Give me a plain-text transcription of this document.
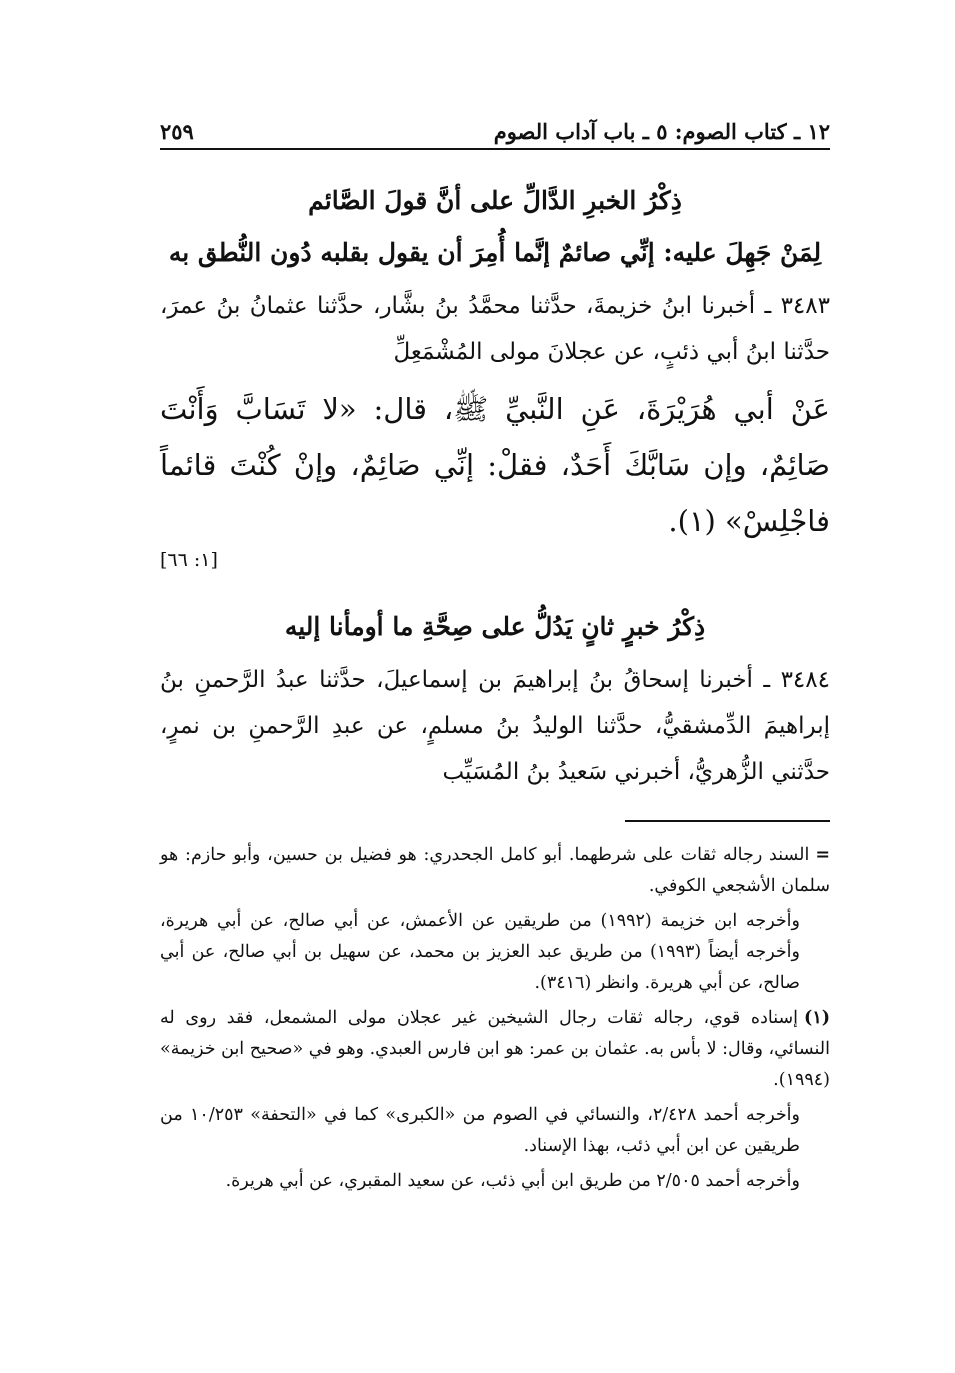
١٢ ـ كتاب الصوم: ٥ ـ باب آداب الصوم
٢٥٩
ذِكْرُ الخبرِ الدَّالِّ على أنَّ قولَ الصَّائم
لِمَنْ جَهِلَ عليه: إنِّي صائمٌ إنَّما أُمِرَ أن يقول بقلبه دُون النُّطق به

٣٤٨٣ ـ أخبرنا ابنُ خزيمةَ، حدَّثنا محمَّدُ بنُ بشَّار، حدَّثنا عثمانُ بنُ عمرَ، حدَّثنا ابنُ أبي ذئبٍ، عن عجلانَ مولى المُشْمَعِلِّ

عَنْ أبي هُرَيْرَةَ، عَنِ النَّبيِّ ﷺ، قال: «لا تَسَابَّ وَأَنْتَ صَائِمٌ، وإن سَابَّكَ أَحَدٌ، فقلْ: إنِّي صَائِمٌ، وإنْ كُنْتَ قائماً فاجْلِسْ» (١).

[١: ٦٦]
ذِكْرُ خبرٍ ثانٍ يَدُلُّ على صِحَّةِ ما أومأنا إليه

٣٤٨٤ ـ أخبرنا إسحاقُ بنُ إبراهيمَ بن إسماعيلَ، حدَّثنا عبدُ الرَّحمنِ بنُ إبراهيمَ الدِّمشقيُّ، حدَّثنا الوليدُ بنُ مسلمٍ، عن عبدِ الرَّحمنِ بن نمرٍ، حدَّثني الزُّهريُّ، أخبرني سَعيدُ بنُ المُسَيِّب

=السند رجاله ثقات على شرطهما. أبو كامل الجحدري: هو فضيل بن حسين، وأبو حازم: هو سلمان الأشجعي الكوفي.

وأخرجه ابن خزيمة (١٩٩٢) من طريقين عن الأعمش، عن أبي صالح، عن أبي هريرة، وأخرجه أيضاً (١٩٩٣) من طريق عبد العزيز بن محمد، عن سهيل بن أبي صالح، عن أبي صالح، عن أبي هريرة. وانظر (٣٤١٦).

(١)إسناده قوي، رجاله ثقات رجال الشيخين غير عجلان مولى المشمعل، فقد روى له النسائي، وقال: لا بأس به. عثمان بن عمر: هو ابن فارس العبدي. وهو في «صحيح ابن خزيمة» (١٩٩٤).

وأخرجه أحمد ٢/٤٢٨، والنسائي في الصوم من «الكبرى» كما في «التحفة» ١٠/٢٥٣ من طريقين عن ابن أبي ذئب، بهذا الإسناد.

وأخرجه أحمد ٢/٥٠٥ من طريق ابن أبي ذئب، عن سعيد المقبري، عن أبي هريرة.
